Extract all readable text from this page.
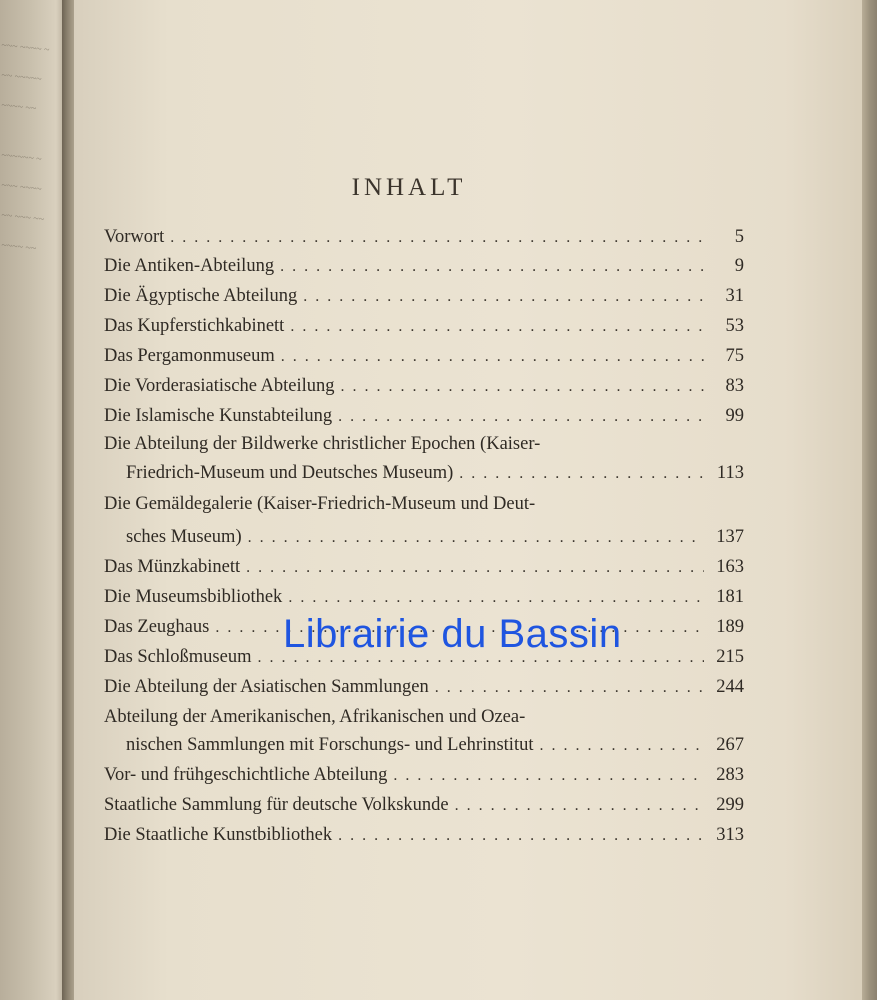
~~~ ~~~~ ~
~~ ~~~~~
~~~~ ~~
~~~~~~ ~
~~~ ~~~~
~~ ~~~ ~~
~~~~ ~~
INHALT
Vorwort . . .	5
Die Antiken-Abteilung . . .	9
Die Ägyptische Abteilung . . .	31
Das Kupferstichkabinett . . .	53
Das Pergamonmuseum . . .	75
Die Vorderasiatische Abteilung . . .	83
Die Islamische Kunstabteilung . . .	99
Die Abteilung der Bildwerke christlicher Epochen (Kaiser-
Friedrich-Museum und Deutsches Museum) . . .	113
Die Gemäldegalerie (Kaiser-Friedrich-Museum und Deut-
sches Museum) . . .	137
Das Münzkabinett . . .	163
Die Museumsbibliothek . . .	181
Das Zeughaus . . .	189
Das Schloßmuseum . . .	215
Die Abteilung der Asiatischen Sammlungen . . .	244
Abteilung der Amerikanischen, Afrikanischen und Ozea-
nischen Sammlungen mit Forschungs- und Lehrinstitut . . .	267
Vor- und frühgeschichtliche Abteilung . . .	283
Staatliche Sammlung für deutsche Volkskunde . . .	299
Die Staatliche Kunstbibliothek . . .	313
Librairie du Bassin
